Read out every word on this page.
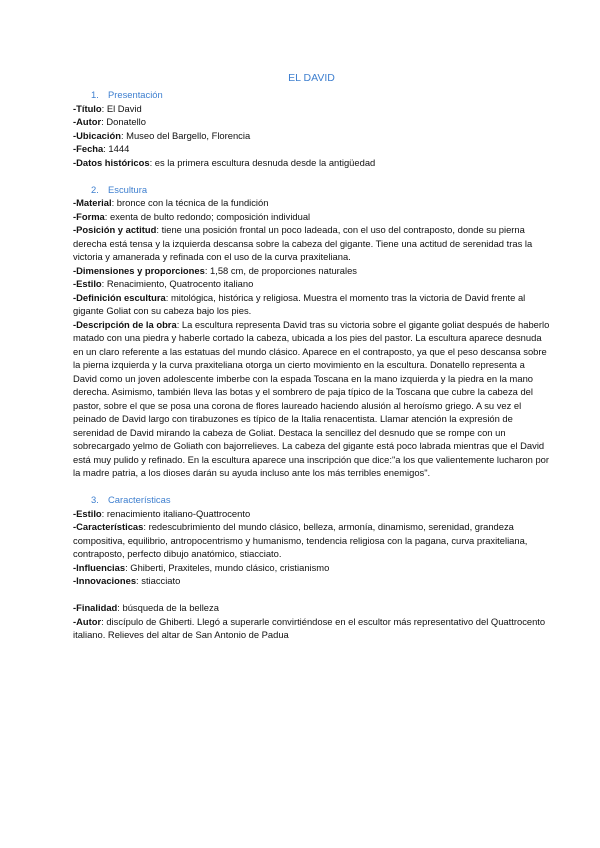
EL DAVID

1. Presentación

-Título: El David

-Autor: Donatello

-Ubicación: Museo del Bargello, Florencia

-Fecha: 1444

-Datos históricos: es la primera escultura desnuda desde la antigüedad

2. Escultura

-Material: bronce con la técnica de la fundición

-Forma: exenta de bulto redondo; composición individual

-Posición y actitud: tiene una posición frontal un poco ladeada, con el uso del contraposto, donde su pierna derecha está tensa y la izquierda descansa sobre la cabeza del gigante. Tiene una actitud de serenidad tras la victoria y amanerada y refinada con el uso de la curva praxiteliana.

-Dimensiones y proporciones: 1,58 cm, de proporciones naturales

-Estilo: Renacimiento, Quatrocento italiano

-Definición escultura: mitológica, histórica y religiosa. Muestra el momento tras la victoria de David frente al gigante Goliat con su cabeza bajo los pies.

-Descripción de la obra: La escultura representa David tras su victoria sobre el gigante goliat después de haberlo matado con una piedra y haberle cortado la cabeza, ubicada a los pies del pastor. La escultura aparece desnuda en un claro referente a las estatuas del mundo clásico. Aparece en el contraposto, ya que el peso descansa sobre la pierna izquierda y la curva praxiteliana otorga un cierto movimiento en la escultura. Donatello representa a David como un joven adolescente imberbe con la espada Toscana en la mano izquierda y la piedra en la mano derecha. Asimismo, también lleva las botas y el sombrero de paja típico de la Toscana que cubre la cabeza del pastor, sobre el que se posa una corona de flores laureado haciendo alusión al heroísmo griego. A su vez el peinado de David largo con tirabuzones es típico de la Italia renacentista. Llamar atención la expresión de serenidad de David mirando la cabeza de Goliat. Destaca la sencillez del desnudo que se rompe con un sobrecargado yelmo de Goliath con bajorrelieves. La cabeza del gigante está poco labrada mientras que el David está muy pulido y refinado. En la escultura aparece una inscripción que dice:"a los que valientemente lucharon por la madre patria, a los dioses darán su ayuda incluso ante los más terribles enemigos".

3. Características

-Estilo: renacimiento italiano-Quattrocento

-Características: redescubrimiento del mundo clásico, belleza, armonía, dinamismo, serenidad, grandeza compositiva, equilibrio, antropocentrismo y humanismo, tendencia religiosa con la pagana, curva praxiteliana, contraposto, perfecto dibujo anatómico, stiacciato.

-Influencias: Ghiberti, Praxiteles, mundo clásico, cristianismo

-Innovaciones: stiacciato

-Finalidad: búsqueda de la belleza

-Autor: discípulo de Ghiberti. Llegó a superarle convirtiéndose en el escultor más representativo del Quattrocento italiano. Relieves del altar de San Antonio de Padua
